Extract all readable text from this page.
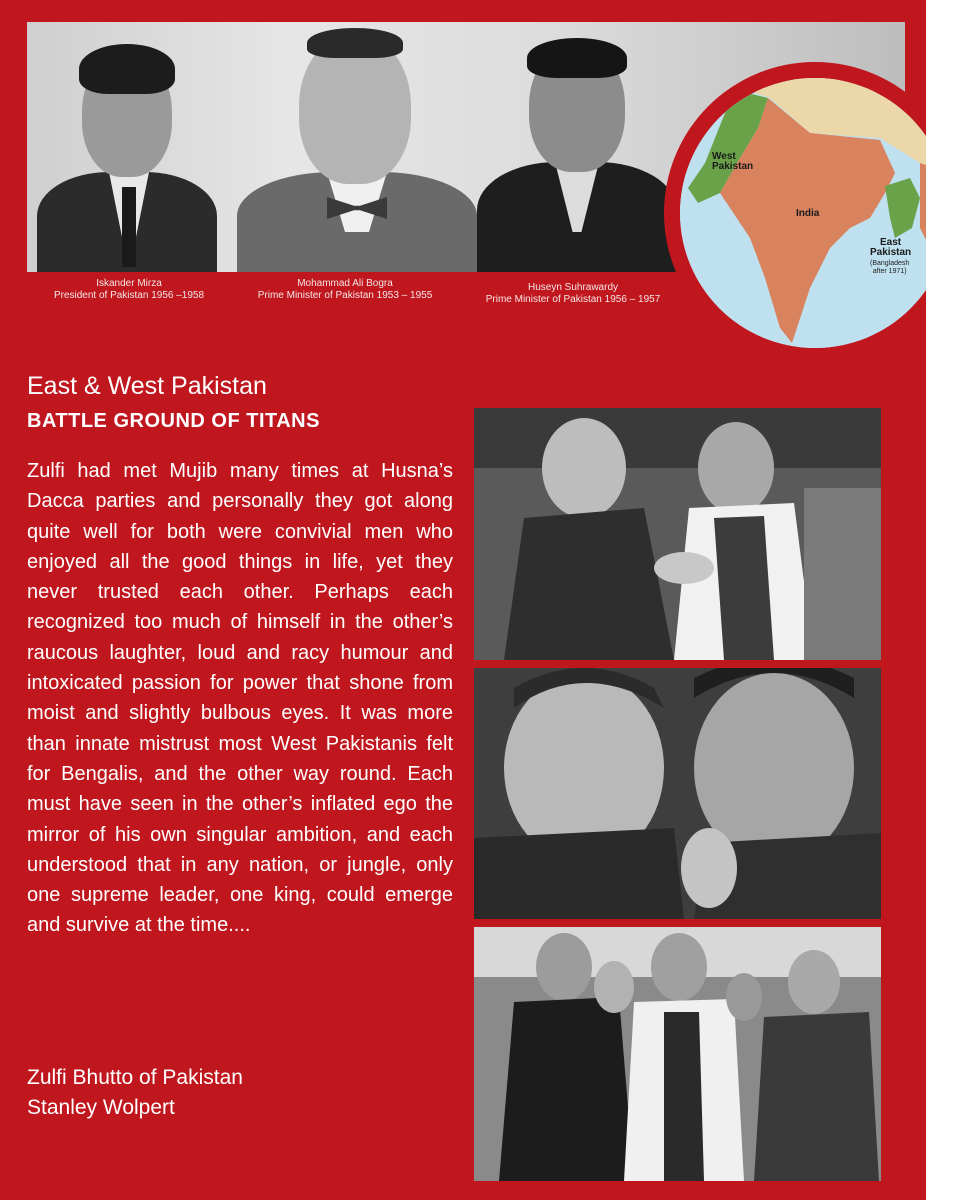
Iskander Mirza
President of Pakistan 1956 –1958
Mohammad Ali Bogra
Prime Minister of Pakistan 1953 – 1955
Huseyn Suhrawardy
Prime Minister of Pakistan 1956 – 1957
West
Pakistan
India
East
Pakistan
(Bangladesh
after 1971)
East & West Pakistan
BATTLE GROUND OF TITANS

Zulfi had met Mujib many times at Husna’s Dacca parties and personally they got along quite well for both were convivial men who enjoyed all the good things in life, yet they never trusted each other. Perhaps each recognized too much of himself in the other’s raucous laughter, loud and racy humour and intoxicated passion for power that shone from moist and slightly bulbous eyes. It was more than innate mistrust most West Pakistanis felt for Bengalis, and the other way round. Each must have seen in the other’s inflated ego the mirror of his own singular ambition, and each understood that in any nation, or jungle, only one supreme leader, one king, could emerge and survive at the time....

Zulfi Bhutto of Pakistan
Stanley Wolpert
